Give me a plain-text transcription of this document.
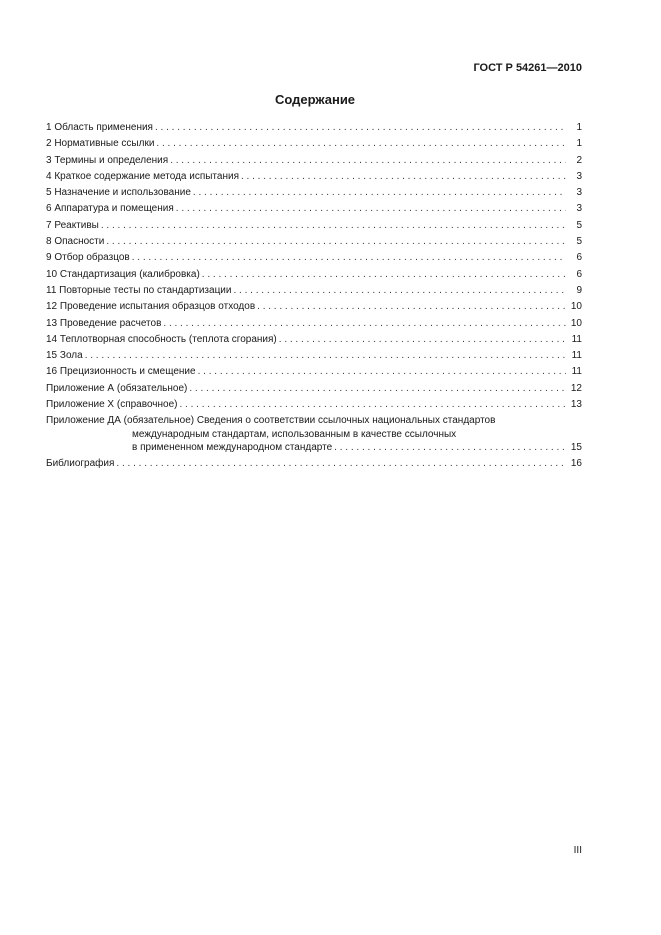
ГОСТ Р 54261—2010
Содержание
1 Область применения . . .	1
2 Нормативные ссылки . . .	1
3 Термины и определения . . .	2
4 Краткое содержание метода испытания . . .	3
5 Назначение и использование . . .	3
6 Аппаратура и помещения . . .	3
7 Реактивы . . .	5
8 Опасности . . .	5
9 Отбор образцов . . .	6
10 Стандартизация (калибровка) . . .	6
11 Повторные тесты по стандартизации . . .	9
12 Проведение испытания образцов отходов . . .	10
13 Проведение расчетов . . .	10
14 Теплотворная способность (теплота сгорания) . . .	11
15 Зола . . .	11
16 Прецизионность и смещение . . .	11
Приложение А (обязательное) . . .	12
Приложение X (справочное) . . .	13
Приложение ДА (обязательное) Сведения о соответствии ссылочных национальных стандартов
международным стандартам, использованным в качестве ссылочных
в примененном международном стандарте . . .	15
Библиография . . .	16
III
